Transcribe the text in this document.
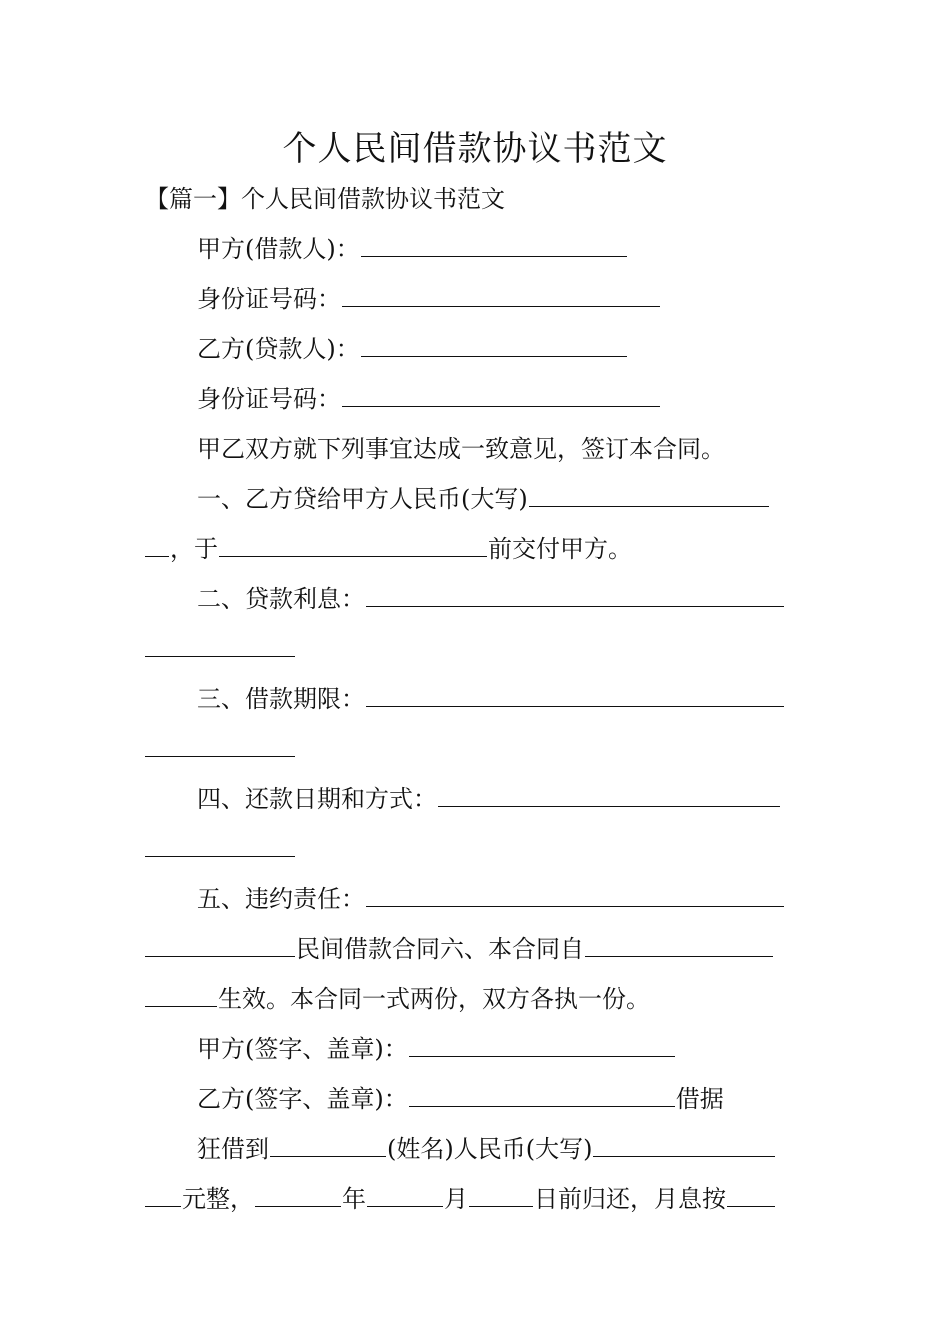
个人民间借款协议书范文
【篇一】个人民间借款协议书范文
甲方(借款人)：
身份证号码：
乙方(贷款人)：
身份证号码：
甲乙双方就下列事宜达成一致意见，签订本合同。
一、乙方贷给甲方人民币(大写)
，于	前交付甲方。
二、贷款利息：
三、借款期限：
四、还款日期和方式：
五、违约责任：
民间借款合同六、本合同自
生效。本合同一式两份，双方各执一份。
甲方(签字、盖章)：
乙方(签字、盖章)：	借据
狂借到	(姓名)人民币(大写)
元整，	年	月	日前归还，月息按
